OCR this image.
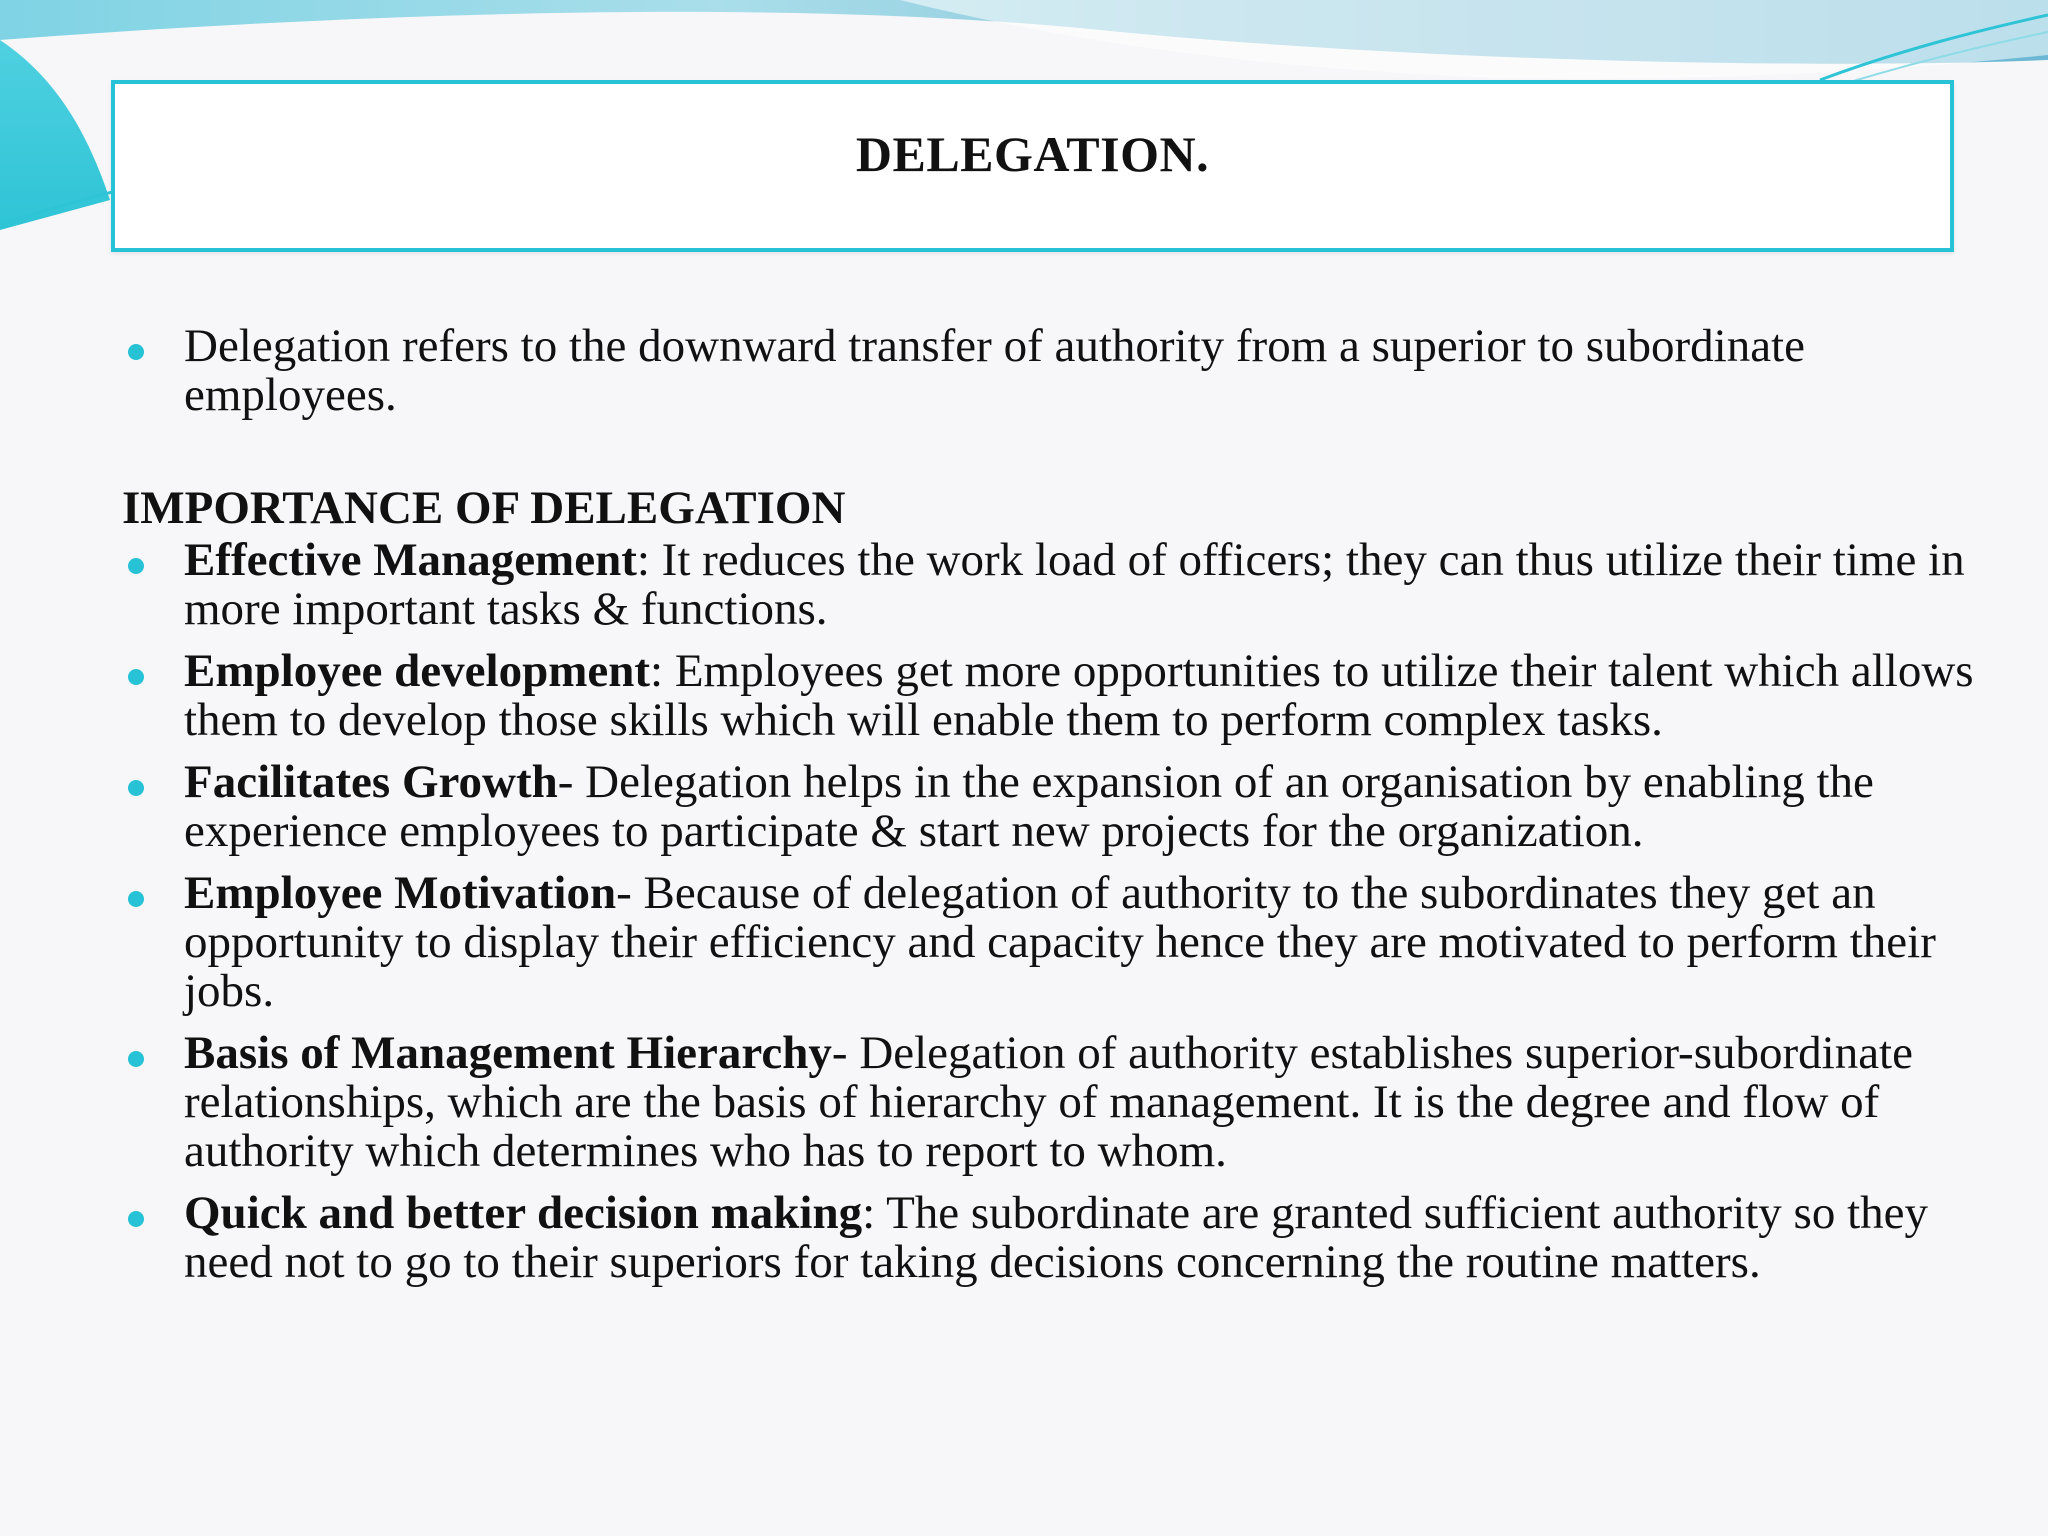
DELEGATION.
Delegation refers to the downward transfer of authority from a superior to subordinate employees.
IMPORTANCE OF DELEGATION
Effective Management: It reduces the work load of officers; they can thus utilize their time in more important tasks & functions.
Employee development: Employees get more opportunities to utilize their talent which allows them to develop those skills which will enable them to perform complex tasks.
Facilitates Growth- Delegation helps in the expansion of an organisation by enabling the experience employees to participate & start new projects for the organization.
Employee Motivation- Because of delegation of authority to the subordinates they get an opportunity to display their efficiency and capacity hence they are motivated to perform their jobs.
Basis of Management Hierarchy- Delegation of authority establishes superior-subordinate relationships, which are the basis of hierarchy of management. It is the degree and flow of authority which determines who has to report to whom.
Quick and better decision making: The subordinate are granted sufficient authority so they need not to go to their superiors for taking decisions concerning the routine matters.
